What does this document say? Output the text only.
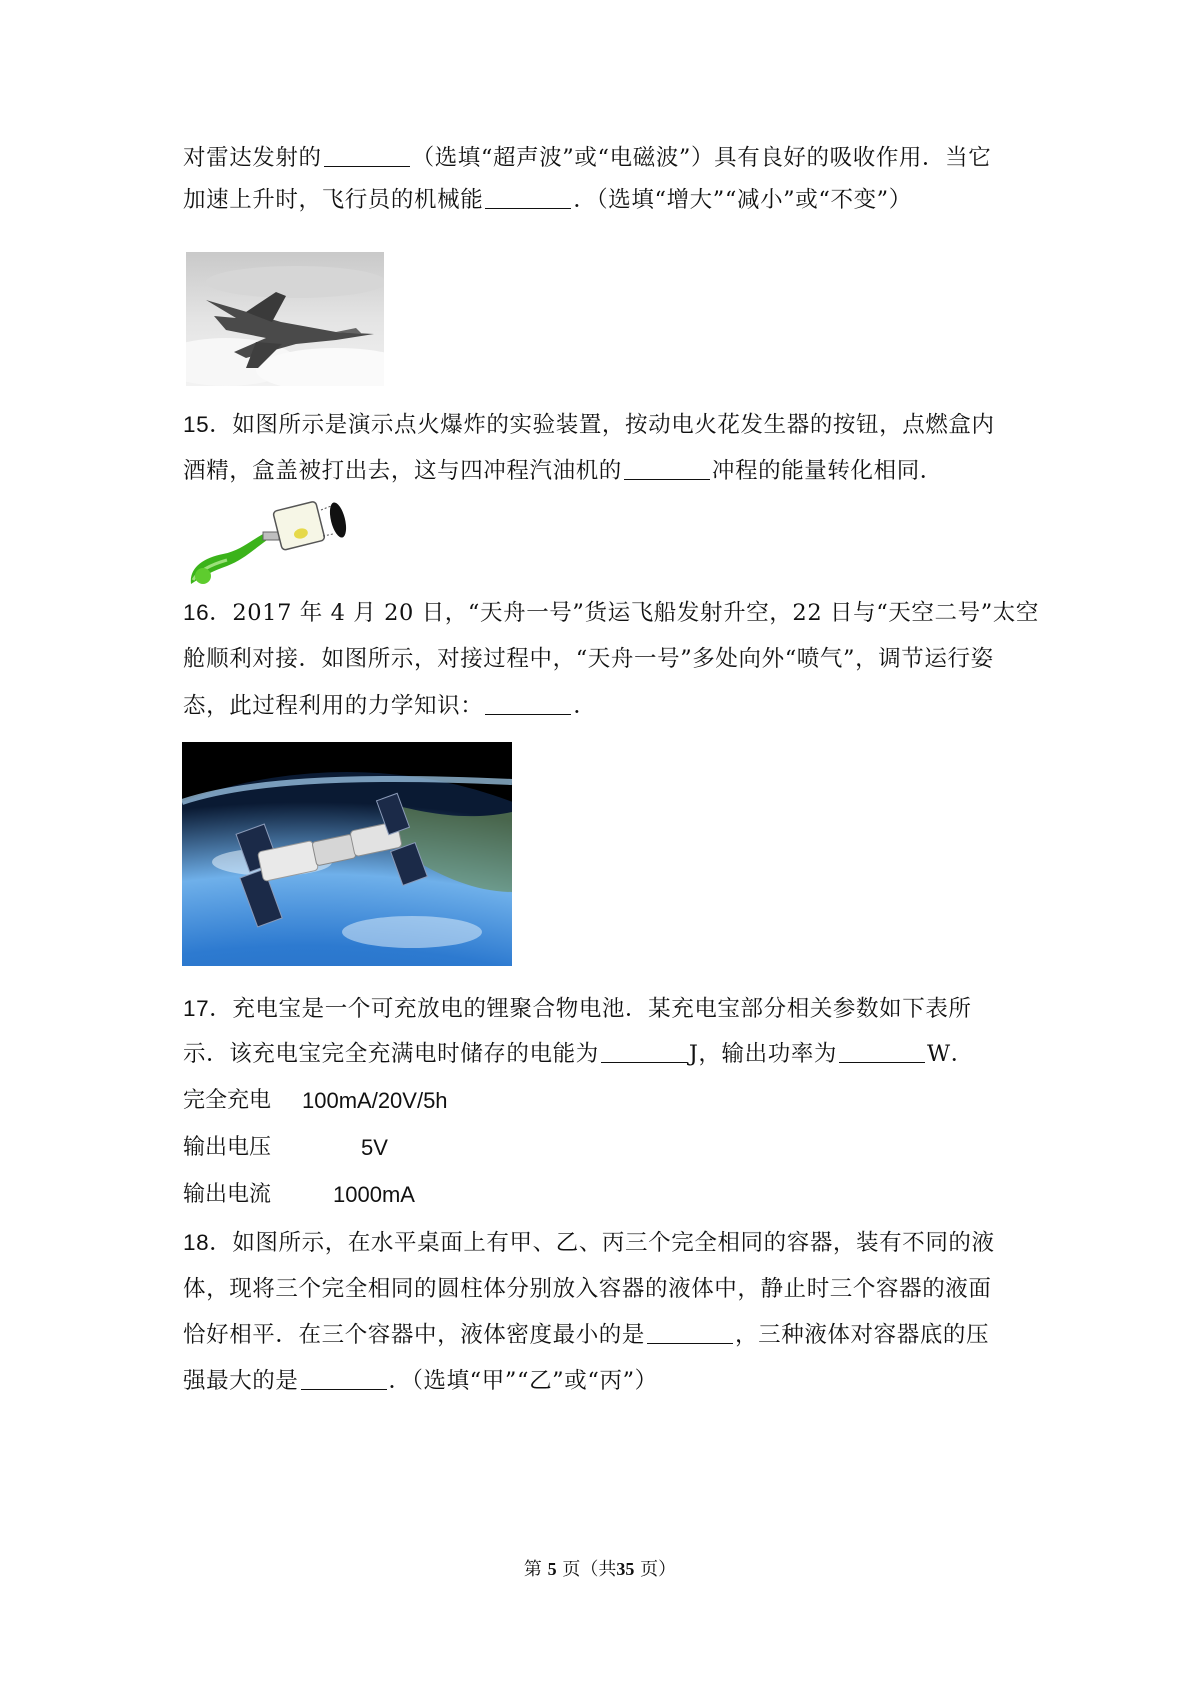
对雷达发射的	（选填“超声波”或“电磁波”）具有良好的吸收作用．当它
加速上升时，飞行员的机械能	．（选填“增大”“减小”或“不变”）
15．如图所示是演示点火爆炸的实验装置，按动电火花发生器的按钮，点燃盒内
酒精，盒盖被打出去，这与四冲程汽油机的	冲程的能量转化相同．
16．2017 年 4 月 20 日，“天舟一号”货运飞船发射升空，22 日与“天空二号”太空
舱顺利对接．如图所示，对接过程中，“天舟一号”多处向外“喷气”，调节运行姿
态，此过程利用的力学知识：	．
17．充电宝是一个可充放电的锂聚合物电池．某充电宝部分相关参数如下表所
示．该充电宝完全充满电时储存的电能为	J，输出功率为	W．
完全充电 100mA/20V/5h
输出电压	5V
输出电流	1000mA
18．如图所示，在水平桌面上有甲、乙、丙三个完全相同的容器，装有不同的液
体，现将三个完全相同的圆柱体分别放入容器的液体中，静止时三个容器的液面
恰好相平．在三个容器中，液体密度最小的是	，三种液体对容器底的压
强最大的是	．（选填“甲”“乙”或“丙”）
第 5 页（共35 页）
